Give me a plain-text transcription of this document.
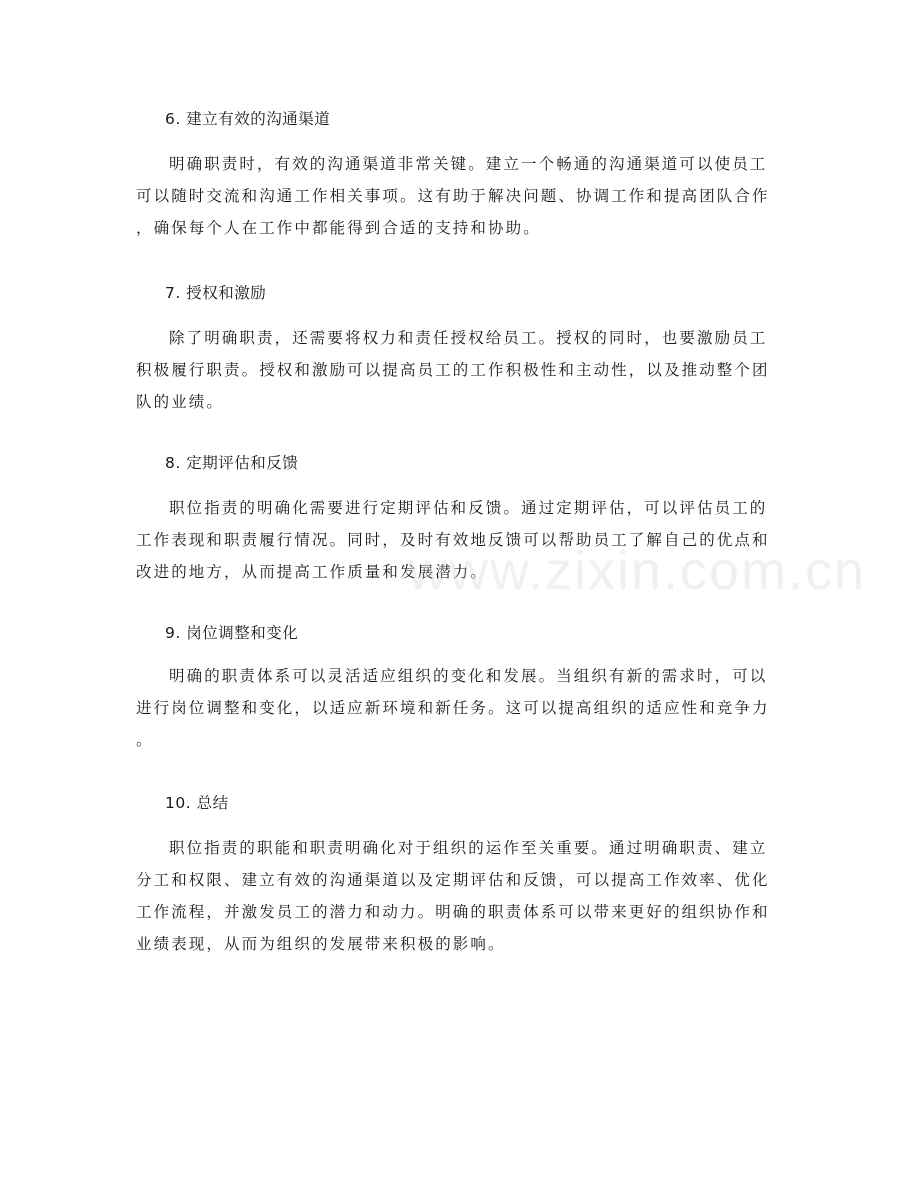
6. 建立有效的沟通渠道
明确职责时，有效的沟通渠道非常关键。建立一个畅通的沟通渠道可以使员工
可以随时交流和沟通工作相关事项。这有助于解决问题、协调工作和提高团队合作
，确保每个人在工作中都能得到合适的支持和协助。
7. 授权和激励
除了明确职责，还需要将权力和责任授权给员工。授权的同时，也要激励员工
积极履行职责。授权和激励可以提高员工的工作积极性和主动性，以及推动整个团
队的业绩。
8. 定期评估和反馈
职位指责的明确化需要进行定期评估和反馈。通过定期评估，可以评估员工的
工作表现和职责履行情况。同时，及时有效地反馈可以帮助员工了解自己的优点和
改进的地方，从而提高工作质量和发展潜力。
9. 岗位调整和变化
明确的职责体系可以灵活适应组织的变化和发展。当组织有新的需求时，可以
进行岗位调整和变化，以适应新环境和新任务。这可以提高组织的适应性和竞争力
。
10. 总结
职位指责的职能和职责明确化对于组织的运作至关重要。通过明确职责、建立
分工和权限、建立有效的沟通渠道以及定期评估和反馈，可以提高工作效率、优化
工作流程，并激发员工的潜力和动力。明确的职责体系可以带来更好的组织协作和
业绩表现，从而为组织的发展带来积极的影响。
www.zixin.com.cn
